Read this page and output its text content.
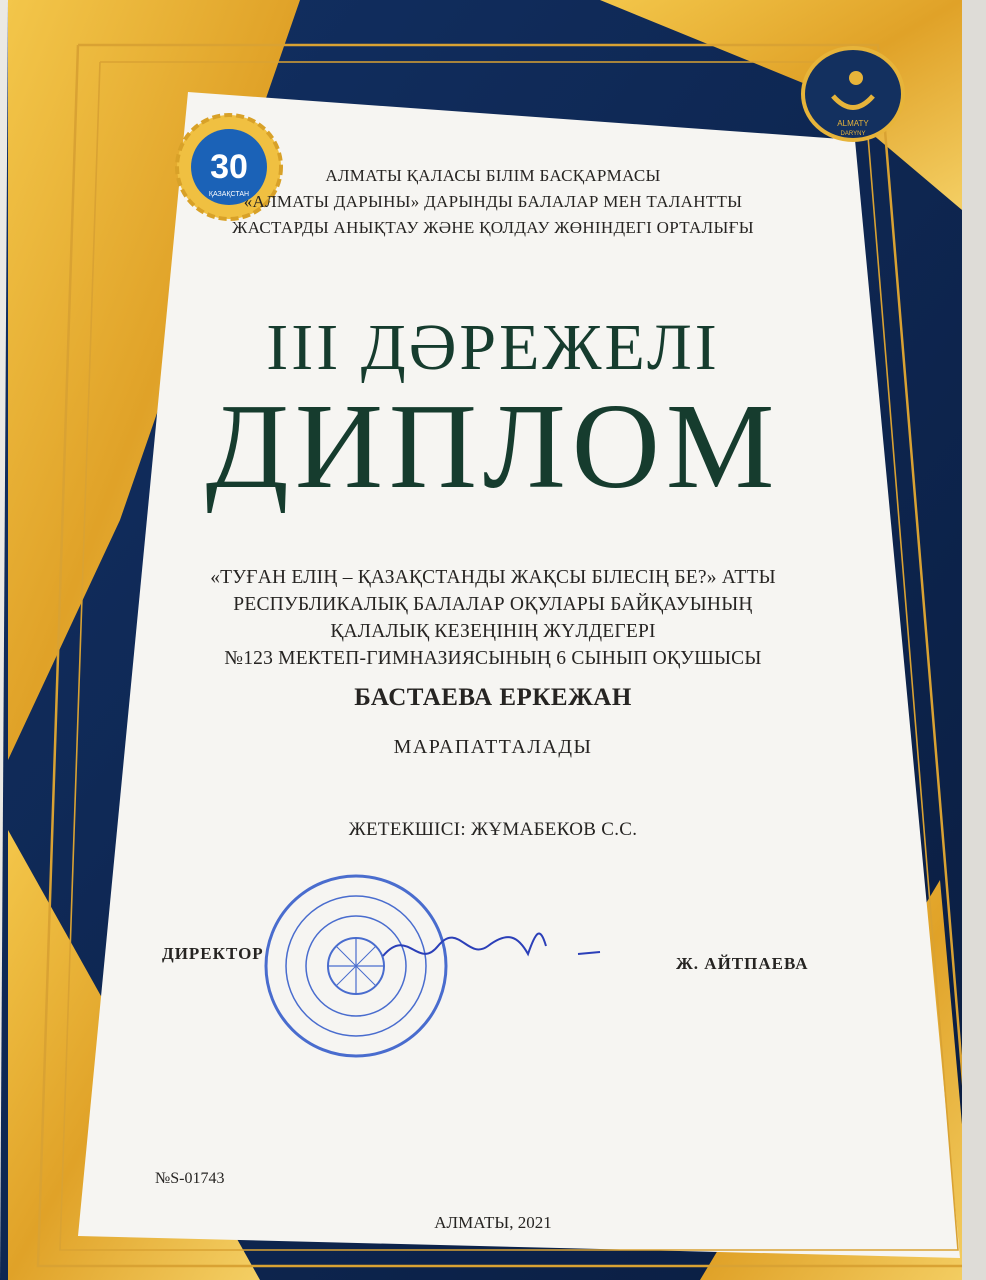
30
ҚАЗАҚСТАН
ALMATY
DARYNY
АЛМАТЫ ҚАЛАСЫ БІЛІМ БАСҚАРМАСЫ
«АЛМАТЫ ДАРЫНЫ» ДАРЫНДЫ БАЛАЛАР МЕН ТАЛАНТТЫ
ЖАСТАРДЫ АНЫҚТАУ ЖӘНЕ ҚОЛДАУ ЖӨНІНДЕГІ ОРТАЛЫҒЫ
III ДӘРЕЖЕЛІ
ДИПЛОМ
«ТУҒАН ЕЛІҢ – ҚАЗАҚСТАНДЫ ЖАҚСЫ БІЛЕСІҢ БЕ?» АТТЫ
РЕСПУБЛИКАЛЫҚ БАЛАЛАР ОҚУЛАРЫ БАЙҚАУЫНЫҢ
ҚАЛАЛЫҚ КЕЗЕҢІНІҢ ЖҮЛДЕГЕРІ
№123 МЕКТЕП-ГИМНАЗИЯСЫНЫҢ 6 СЫНЫП ОҚУШЫСЫ
БАСТАЕВА ЕРКЕЖАН
МАРАПАТТАЛАДЫ
ЖЕТЕКШІСІ: ЖҰМАБЕКОВ С.С.
ДИРЕКТОР
Ж. АЙТПАЕВА
№S-01743
АЛМАТЫ, 2021
